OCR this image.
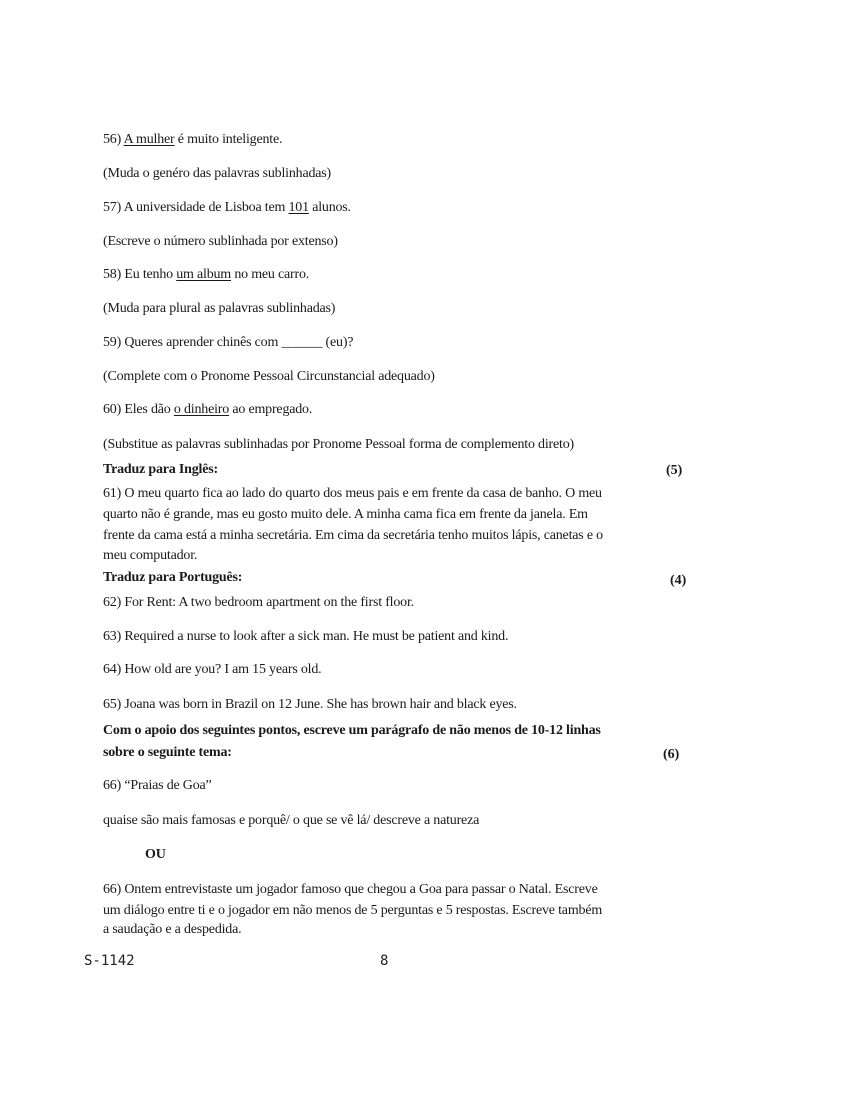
56) A mulher é muito inteligente.
(Muda o genéro das palavras sublinhadas)
57) A universidade de Lisboa tem 101 alunos.
(Escreve o número sublinhada por extenso)
58) Eu tenho um album no meu carro.
(Muda para plural as palavras sublinhadas)
59) Queres aprender chinês com ______ (eu)?
(Complete com o Pronome Pessoal Circunstancial adequado)
60) Eles dão o dinheiro ao empregado.
(Substitue as palavras sublinhadas por Pronome Pessoal forma de complemento direto)
Traduz para Inglês:	(5)
61) O meu quarto fica ao lado do quarto dos meus pais e em frente da casa de banho. O meu
quarto não é grande, mas eu gosto muito dele. A minha cama fica em frente da janela. Em
frente da cama está a minha secretária. Em cima da secretária tenho muitos lápis, canetas e o
meu computador.
Traduz para Português:	(4)
62) For Rent: A two bedroom apartment on the first floor.
63) Required a nurse to look after a sick man. He must be patient and kind.
64) How old are you? I am 15 years old.
65) Joana was born in Brazil on 12 June. She has brown hair and black eyes.
Com o apoio dos seguintes pontos, escreve um parágrafo de não menos de 10-12 linhas
sobre o seguinte tema:	(6)
66) “Praias de Goa”
quaise são mais famosas e porquê/ o que se vê lá/ descreve a natureza
OU
66) Ontem entrevistaste um jogador famoso que chegou a Goa para passar o Natal. Escreve
um diálogo entre ti e o jogador em não menos de 5 perguntas e 5 respostas. Escreve também
a saudação e a despedida.
S-1142	8
